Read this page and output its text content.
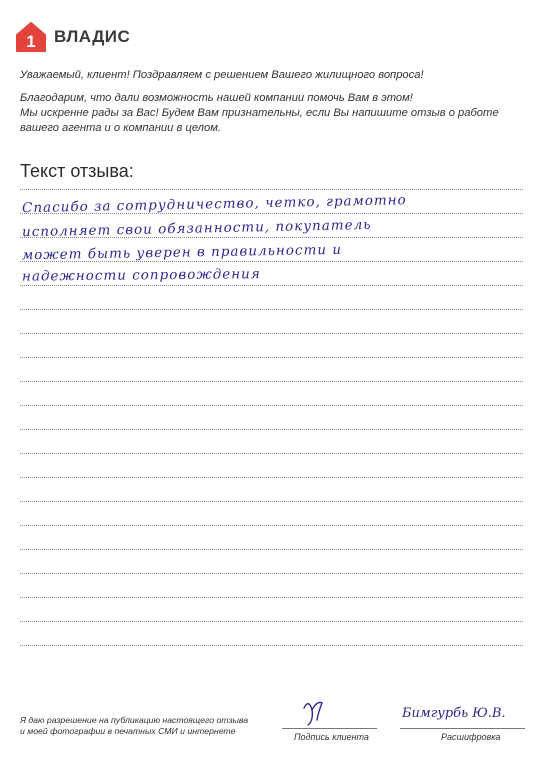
1 ВЛАДИС

Уважаемый, клиент! Поздравляем с решением Вашего жилищного вопроса!

Благодарим, что дали возможность нашей компании помочь Вам в этом!

Мы искренне рады за Вас! Будем Вам признательны, если Вы напишите отзыв о работе

вашего агента и о компании в целом.

Текст отзыва:
Спасибо за сотрудничество, четко, грамотно
исполняет свои обязанности, покупатель
может быть уверен в правильности и
надежности сопровождения

Я даю разрешение на публикацию настоящего отзыва

и моей фотографии в печатных СМИ и интернете

Подпись клиента
Бимгурбь Ю.В.
Расшифровка
